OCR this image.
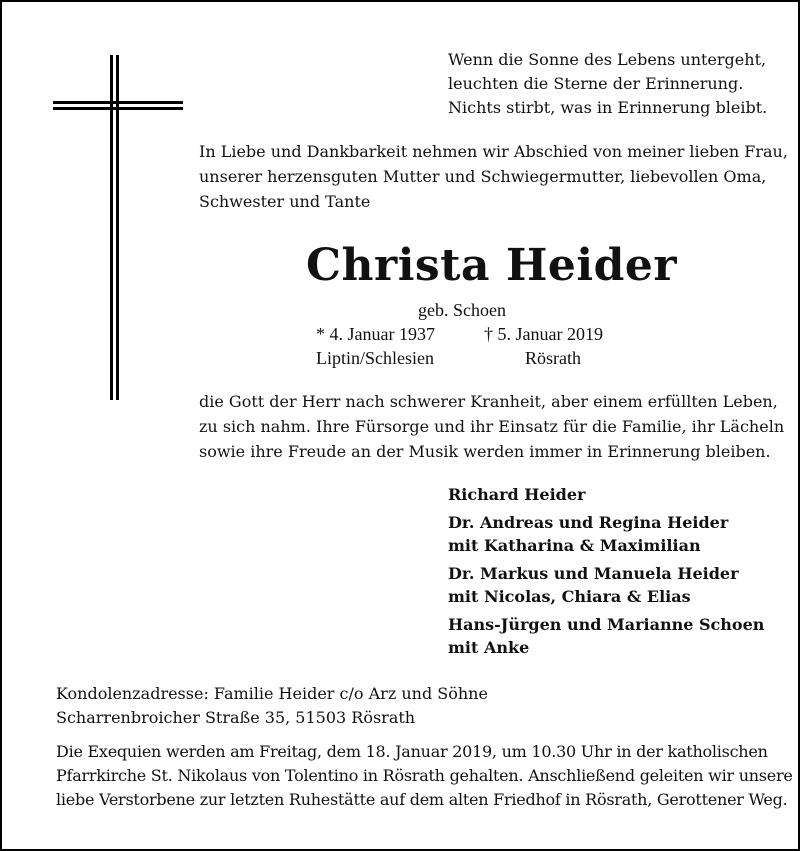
Wenn die Sonne des Lebens untergeht,
leuchten die Sterne der Erinnerung.
Nichts stirbt, was in Erinnerung bleibt.
In Liebe und Dankbarkeit nehmen wir Abschied von meiner lieben Frau,
unserer herzensguten Mutter und Schwiegermutter, liebevollen Oma,
Schwester und Tante
Christa Heider
geb. Schoen
* 4. Januar 1937	† 5. Januar 2019
Liptin/Schlesien	Rösrath
die Gott der Herr nach schwerer Kranheit, aber einem erfüllten Leben,
zu sich nahm. Ihre Fürsorge und ihr Einsatz für die Familie, ihr Lächeln
sowie ihre Freude an der Musik werden immer in Erinnerung bleiben.
Richard Heider
Dr. Andreas und Regina Heider
mit Katharina & Maximilian
Dr. Markus und Manuela Heider
mit Nicolas, Chiara & Elias
Hans-Jürgen und Marianne Schoen
mit Anke
Kondolenzadresse: Familie Heider c/o Arz und Söhne
Scharrenbroicher Straße 35, 51503 Rösrath
Die Exequien werden am Freitag, dem 18. Januar 2019, um 10.30 Uhr in der katholischen
Pfarrkirche St. Nikolaus von Tolentino in Rösrath gehalten. Anschließend geleiten wir unsere
liebe Verstorbene zur letzten Ruhestätte auf dem alten Friedhof in Rösrath, Gerottener Weg.
